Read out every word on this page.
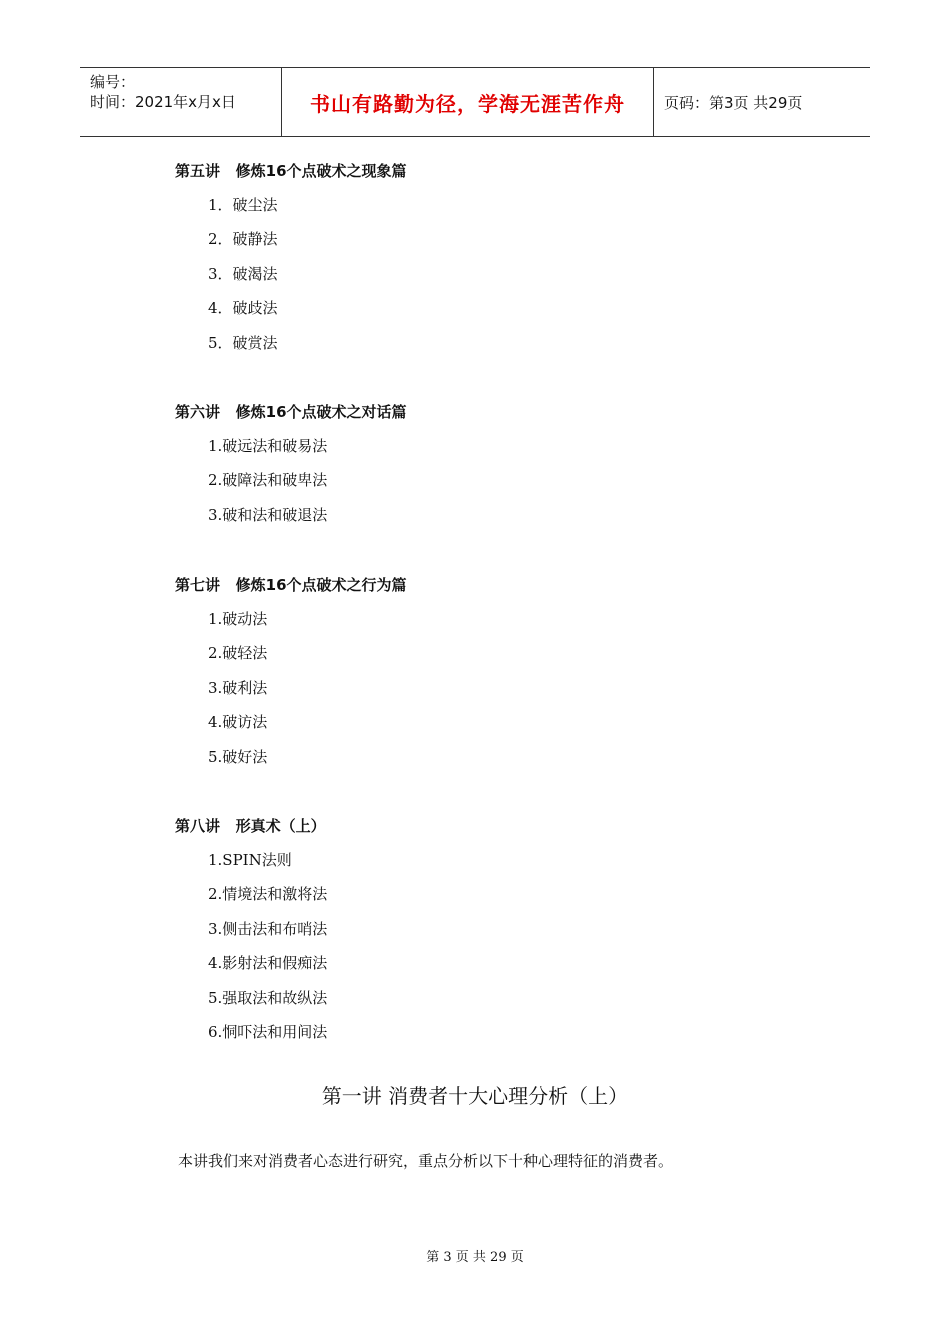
编号：
时间：2021年x月x日	书山有路勤为径，学海无涯苦作舟	页码：第3页 共29页
第五讲   修炼16个点破术之现象篇
1．破尘法
2．破静法
3．破渴法
4．破歧法
5．破赏法
第六讲   修炼16个点破术之对话篇
1.破远法和破易法
2.破障法和破卑法
3.破和法和破退法
第七讲   修炼16个点破术之行为篇
1.破动法
2.破轻法
3.破利法
4.破访法
5.破好法
第八讲   形真术（上）
1.SPIN法则
2.情境法和激将法
3.侧击法和布哨法
4.影射法和假痴法
5.强取法和故纵法
6.恫吓法和用间法
第一讲 消费者十大心理分析（上）
本讲我们来对消费者心态进行研究，重点分析以下十种心理特征的消费者。
第 3 页 共 29 页
